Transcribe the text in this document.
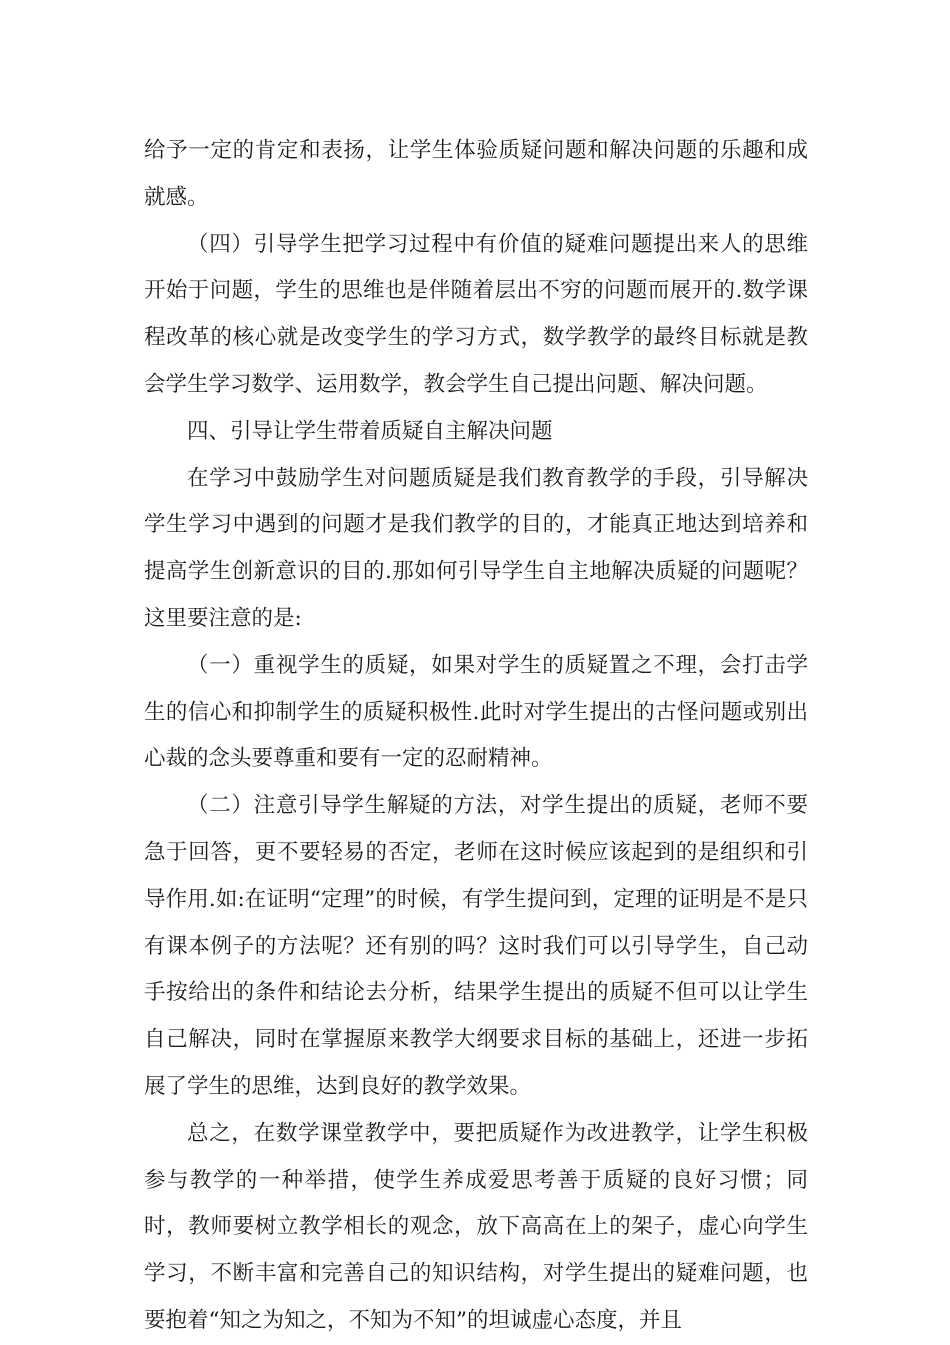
给予一定的肯定和表扬，让学生体验质疑问题和解决问题的乐趣和成就感。

（四）引导学生把学习过程中有价值的疑难问题提出来人的思维开始于问题，学生的思维也是伴随着层出不穷的问题而展开的.数学课程改革的核心就是改变学生的学习方式，数学教学的最终目标就是教会学生学习数学、运用数学，教会学生自己提出问题、解决问题。

四、引导让学生带着质疑自主解决问题

在学习中鼓励学生对问题质疑是我们教育教学的手段，引导解决学生学习中遇到的问题才是我们教学的目的，才能真正地达到培养和提高学生创新意识的目的.那如何引导学生自主地解决质疑的问题呢？这里要注意的是:

（一）重视学生的质疑，如果对学生的质疑置之不理，会打击学生的信心和抑制学生的质疑积极性.此时对学生提出的古怪问题或别出心裁的念头要尊重和要有一定的忍耐精神。

（二）注意引导学生解疑的方法，对学生提出的质疑，老师不要急于回答，更不要轻易的否定，老师在这时候应该起到的是组织和引导作用.如:在证明“定理”的时候，有学生提问到，定理的证明是不是只有课本例子的方法呢？还有别的吗？这时我们可以引导学生，自己动手按给出的条件和结论去分析，结果学生提出的质疑不但可以让学生自己解决，同时在掌握原来教学大纲要求目标的基础上，还进一步拓展了学生的思维，达到良好的教学效果。

总之，在数学课堂教学中，要把质疑作为改进教学，让学生积极参与教学的一种举措，使学生养成爱思考善于质疑的良好习惯；同时，教师要树立教学相长的观念，放下高高在上的架子，虚心向学生学习，不断丰富和完善自己的知识结构，对学生提出的疑难问题，也要抱着“知之为知之，不知为不知”的坦诚虚心态度，并且
